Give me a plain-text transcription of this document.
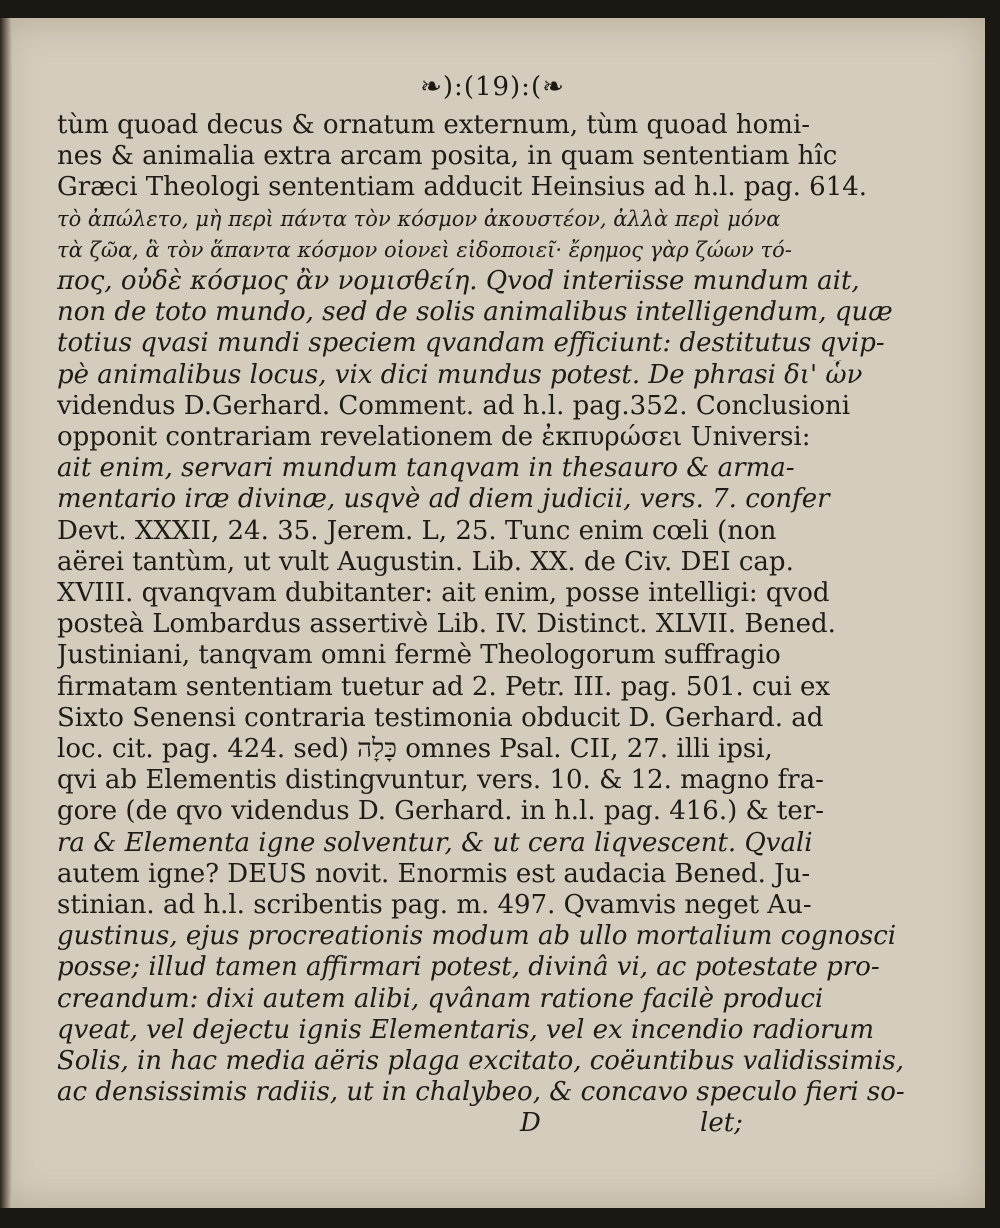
❧):(19):(❧
tùm quoad decus & ornatum externum, tùm quoad homi-
nes & animalia extra arcam posita, in quam sententiam hîc
Græci Theologi sententiam adducit Heinsius ad h.l. pag. 614.
τὸ ἀπώλετο, μὴ περὶ πάντα τὸν κόσμον ἀκουστέον, ἀλλὰ περὶ μόνα
τὰ ζῶα, ἃ τὸν ἅπαντα κόσμον οἱονεὶ εἰδοποιεῖ· ἔρημος γὰρ ζώων τό-
πος, οὐδὲ κόσμος ἂν νομισθείη. Qvod interiisse mundum ait,
non de toto mundo, sed de solis animalibus intelligendum, quæ
totius qvasi mundi speciem qvandam efficiunt: destitutus qvip-
pè animalibus locus, vix dici mundus potest. De phrasi δι' ὧν
videndus D.Gerhard. Comment. ad h.l. pag.352. Conclusioni
opponit contrariam revelationem de ἐκπυρώσει Universi:
ait enim, servari mundum tanqvam in thesauro & arma-
mentario iræ divinæ, usqvè ad diem judicii, vers. 7. confer
Devt. XXXII, 24. 35. Jerem. L, 25. Tunc enim cœli (non
aërei tantùm, ut vult Augustin. Lib. XX. de Civ. DEI cap.
XVIII. qvanqvam dubitanter: ait enim, posse intelligi: qvod
posteà Lombardus assertivè Lib. IV. Distinct. XLVII. Bened.
Justiniani, tanqvam omni fermè Theologorum suffragio
firmatam sententiam tuetur ad 2. Petr. III. pag. 501. cui ex
Sixto Senensi contraria testimonia obducit D. Gerhard. ad
loc. cit. pag. 424. sed) כָּלָה omnes Psal. CII, 27. illi ipsi,
qvi ab Elementis distingvuntur, vers. 10. & 12. magno fra-
gore (de qvo videndus D. Gerhard. in h.l. pag. 416.) & ter-
ra & Elementa igne solventur, & ut cera liqvescent. Qvali
autem igne? DEUS novit. Enormis est audacia Bened. Ju-
stinian. ad h.l. scribentis pag. m. 497. Qvamvis neget Au-
gustinus, ejus procreationis modum ab ullo mortalium cognosci
posse; illud tamen affirmari potest, divinâ vi, ac potestate pro-
creandum: dixi autem alibi, qvânam ratione facilè produci
qveat, vel dejectu ignis Elementaris, vel ex incendio radiorum
Solis, in hac media aëris plaga excitato, coëuntibus validissimis,
ac densissimis radiis, ut in chalybeo, & concavo speculo fieri so-
D	let;
